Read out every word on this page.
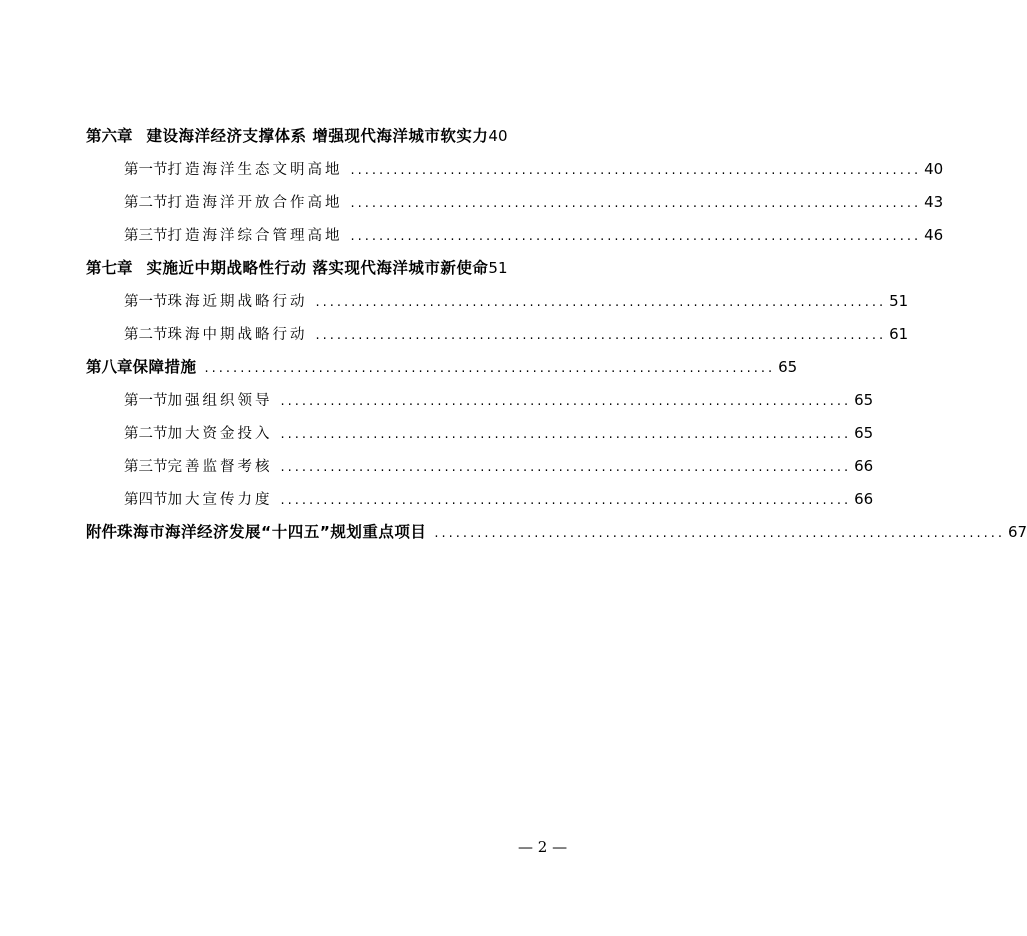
第六章 建设海洋经济支撑体系 增强现代海洋城市软实力 40
第一节 打造海洋生态文明高地 ................................................................................ 40
第二节 打造海洋开放合作高地 ................................................................................ 43
第三节 打造海洋综合管理高地 ................................................................................ 46
第七章 实施近中期战略性行动 落实现代海洋城市新使命 51
第一节 珠海近期战略行动 ................................................................................ 51
第二节 珠海中期战略行动 ................................................................................ 61
第八章 保障措施 ................................................................................ 65
第一节 加强组织领导 ................................................................................ 65
第二节 加大资金投入 ................................................................................ 65
第三节 完善监督考核 ................................................................................ 66
第四节 加大宣传力度 ................................................................................ 66
附件 珠海市海洋经济发展“十四五”规划重点项目 ................................................................................ 67
— 2 —
